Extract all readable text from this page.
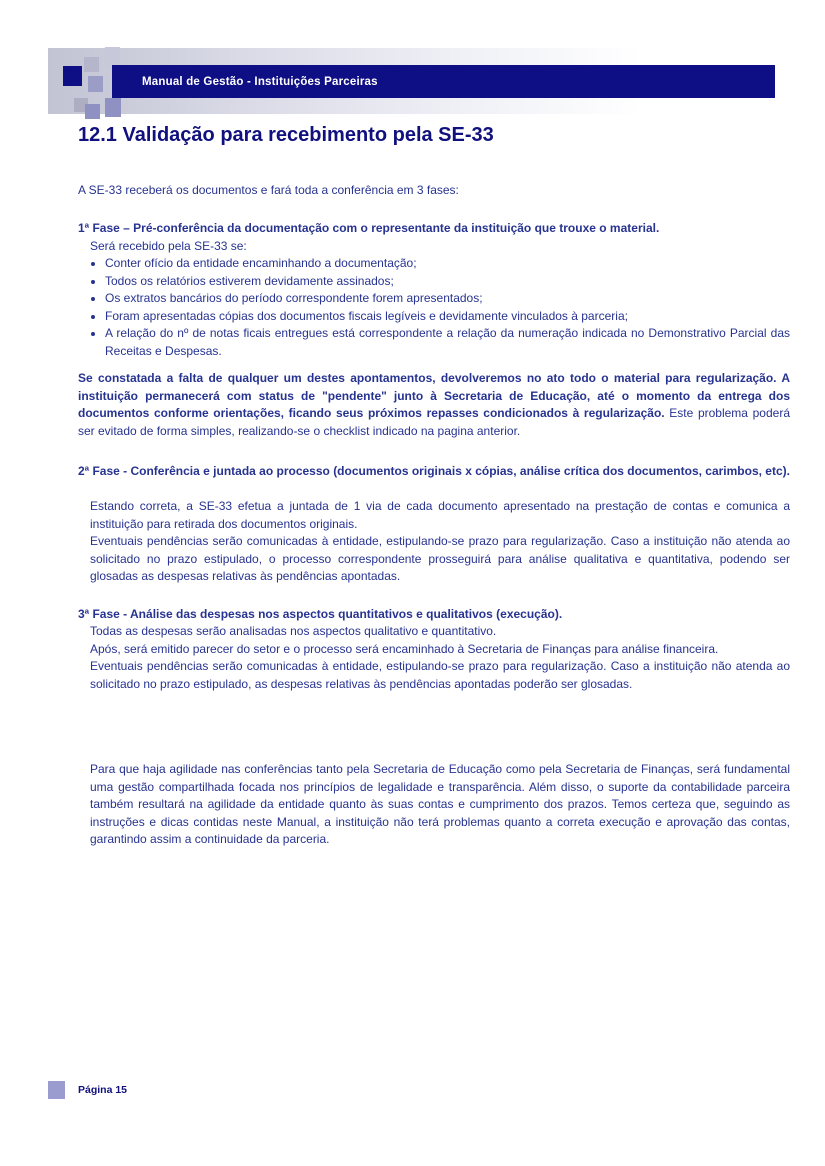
Manual de Gestão - Instituições Parceiras
12.1 Validação para recebimento pela SE-33
A SE-33 receberá os documentos e fará toda a conferência em 3 fases:
1ª Fase – Pré-conferência da documentação com o representante da instituição que trouxe o material.
Será recebido pela SE-33 se:
• Conter ofício da entidade encaminhando a documentação;
• Todos os relatórios estiverem devidamente assinados;
• Os extratos bancários do período correspondente forem apresentados;
• Foram apresentadas cópias dos documentos fiscais legíveis e devidamente vinculados à parceria;
• A relação do nº de notas ficais entregues está correspondente a relação da numeração indicada no Demonstrativo Parcial das Receitas e Despesas.
Se constatada a falta de qualquer um destes apontamentos, devolveremos no ato todo o material para regularização. A instituição permanecerá com status de "pendente" junto à Secretaria de Educação, até o momento da entrega dos documentos conforme orientações, ficando seus próximos repasses condicionados à regularização. Este problema poderá ser evitado de forma simples, realizando-se o checklist indicado na pagina anterior.
2ª Fase - Conferência e juntada ao processo (documentos originais x cópias, análise crítica dos documentos, carimbos, etc).

Estando correta, a SE-33 efetua a juntada de 1 via de cada documento apresentado na prestação de contas e comunica a instituição para retirada dos documentos originais.

Eventuais pendências serão comunicadas à entidade, estipulando-se prazo para regularização. Caso a instituição não atenda ao solicitado no prazo estipulado, o processo correspondente prosseguirá para análise qualitativa e quantitativa, podendo ser glosadas as despesas relativas às pendências apontadas.

3ª Fase - Análise das despesas nos aspectos quantitativos e qualitativos (execução).

Todas as despesas serão analisadas nos aspectos qualitativo e quantitativo.

Após, será emitido parecer do setor e o processo será encaminhado à Secretaria de Finanças para análise financeira.

Eventuais pendências serão comunicadas à entidade, estipulando-se prazo para regularização. Caso a instituição não atenda ao solicitado no prazo estipulado, as despesas relativas às pendências apontadas poderão ser glosadas.

Para que haja agilidade nas conferências tanto pela Secretaria de Educação como pela Secretaria de Finanças, será fundamental uma gestão compartilhada focada nos princípios de legalidade e transparência. Além disso, o suporte da contabilidade parceira também resultará na agilidade da entidade quanto às suas contas e cumprimento dos prazos. Temos certeza que, seguindo as instruções e dicas contidas neste Manual, a instituição não terá problemas quanto a correta execução e aprovação das contas, garantindo assim a continuidade da parceria.
Página 15
